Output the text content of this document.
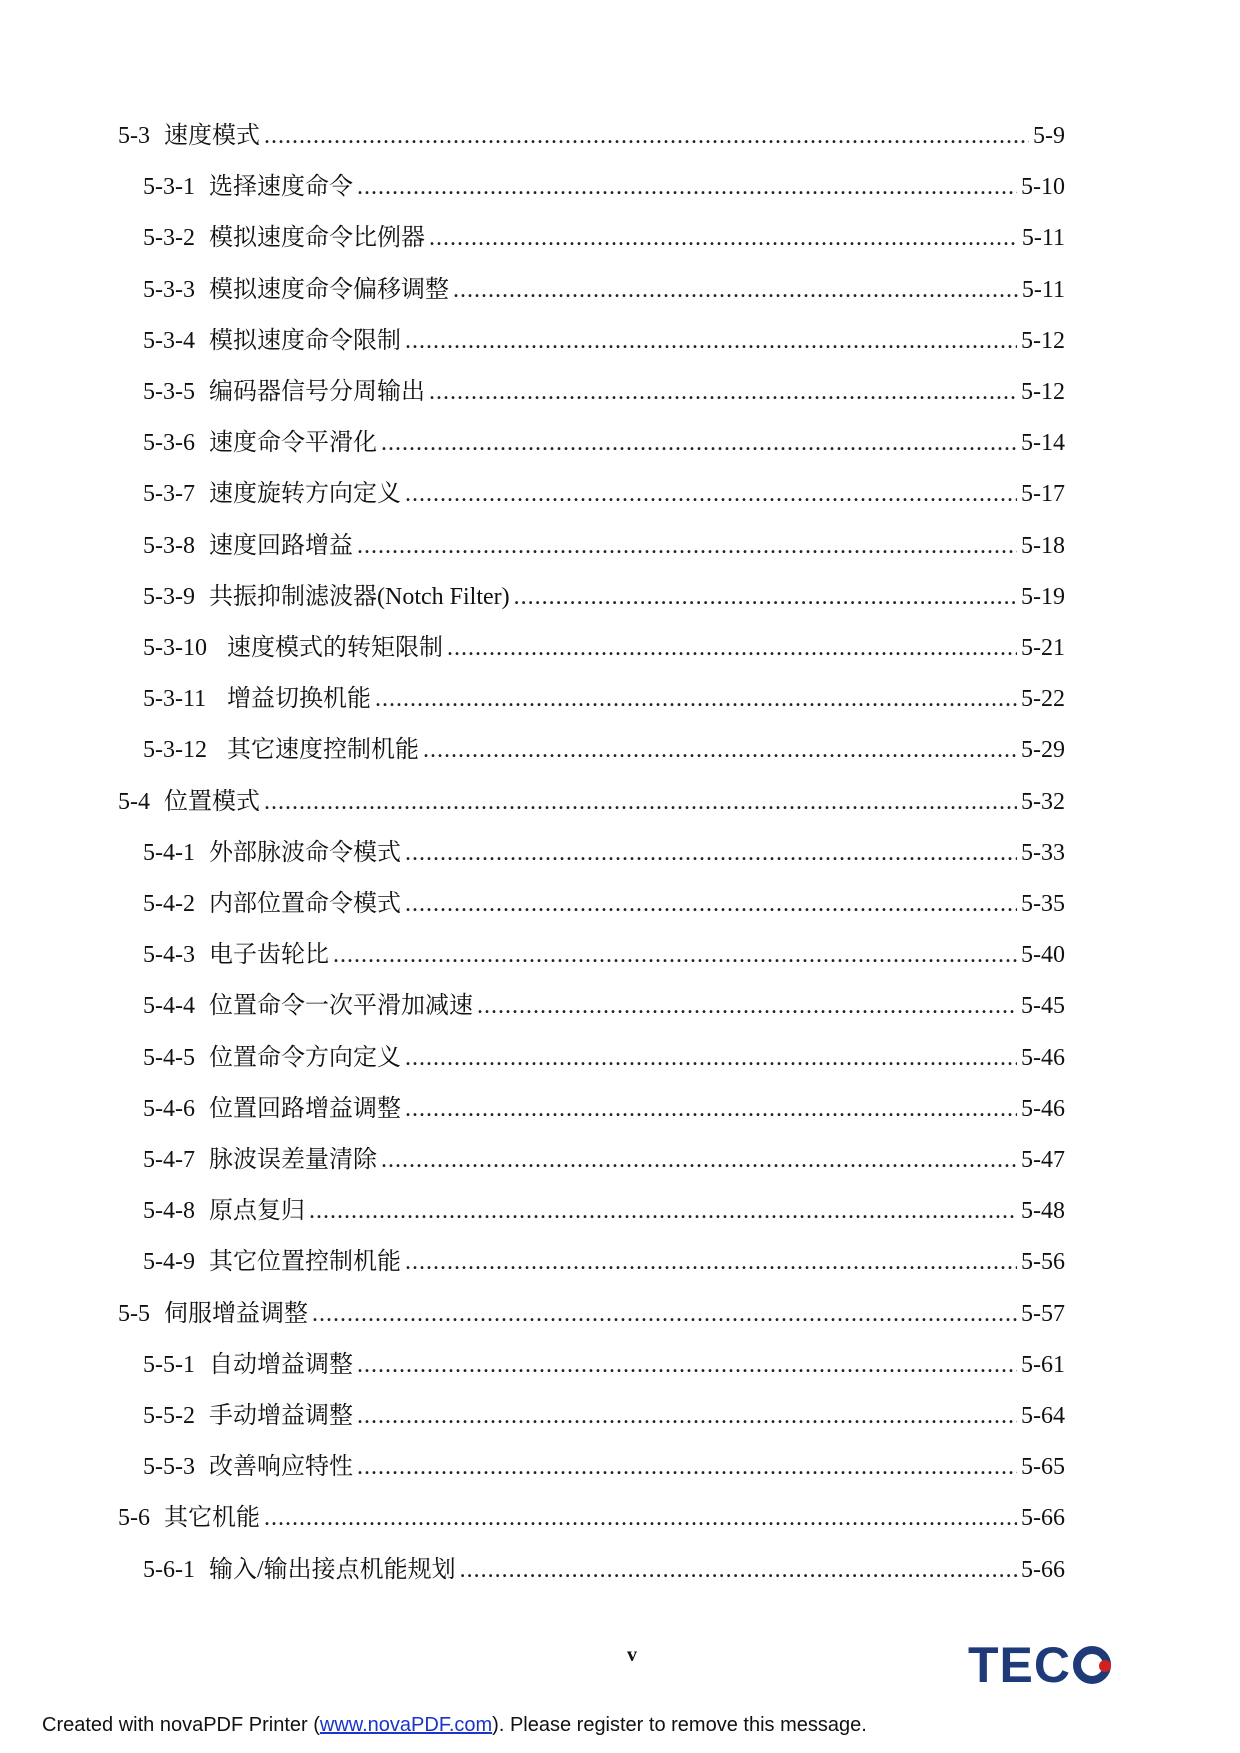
5-3 速度模式 .....	5-9
5-3-1 选择速度命令 .....	5-10
5-3-2 模拟速度命令比例器 .....	5-11
5-3-3 模拟速度命令偏移调整 .....	5-11
5-3-4 模拟速度命令限制 .....	5-12
5-3-5 编码器信号分周输出 .....	5-12
5-3-6 速度命令平滑化 .....	5-14
5-3-7 速度旋转方向定义 .....	5-17
5-3-8 速度回路增益 .....	5-18
5-3-9 共振抑制滤波器(Notch Filter) .....	5-19
5-3-10 速度模式的转矩限制 .....	5-21
5-3-11 增益切换机能 .....	5-22
5-3-12 其它速度控制机能 .....	5-29
5-4 位置模式 .....	5-32
5-4-1 外部脉波命令模式 .....	5-33
5-4-2 内部位置命令模式 .....	5-35
5-4-3 电子齿轮比 .....	5-40
5-4-4 位置命令一次平滑加减速 .....	5-45
5-4-5 位置命令方向定义 .....	5-46
5-4-6 位置回路增益调整 .....	5-46
5-4-7 脉波误差量清除 .....	5-47
5-4-8 原点复归 .....	5-48
5-4-9 其它位置控制机能 .....	5-56
5-5 伺服增益调整 .....	5-57
5-5-1 自动增益调整 .....	5-61
5-5-2 手动增益调整 .....	5-64
5-5-3 改善响应特性 .....	5-65
5-6 其它机能 .....	5-66
5-6-1 输入/输出接点机能规划 .....	5-66
v	TEC
Created with novaPDF Printer (www.novaPDF.com). Please register to remove this message.
